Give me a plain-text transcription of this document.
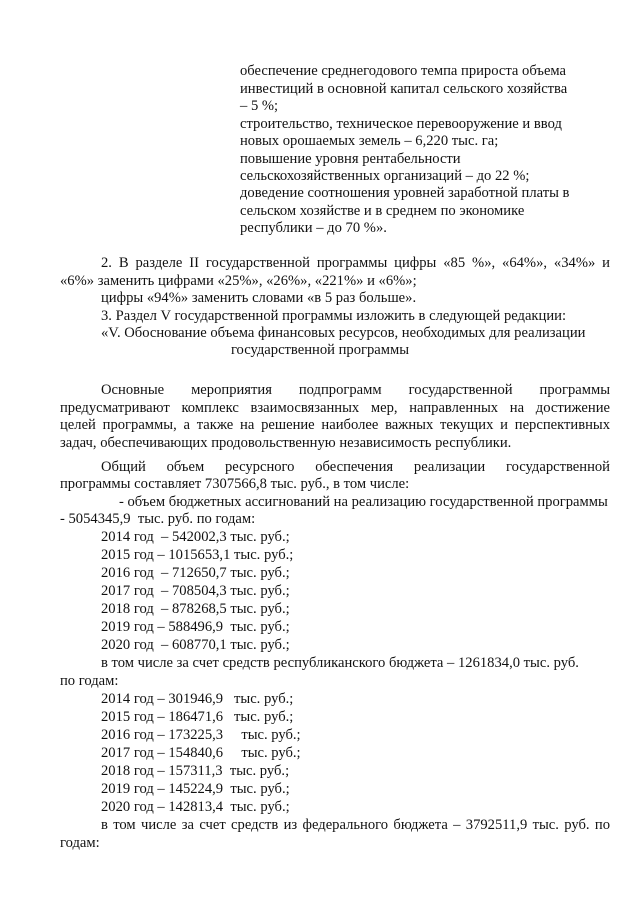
обеспечение среднегодового темпа прироста объема
инвестиций в основной капитал сельского хозяйства
– 5 %;
строительство, техническое перевооружение и ввод
новых орошаемых земель – 6,220 тыс. га;
повышение уровня рентабельности
сельскохозяйственных организаций – до 22 %;
доведение соотношения уровней заработной платы в
сельском хозяйстве и в среднем по экономике
республики – до 70 %».
2. В разделе II государственной программы цифры «85 %», «64%», «34%» и
«6%» заменить цифрами «25%», «26%», «221%» и «6%»;
цифры «94%» заменить словами «в 5 раз больше».
3. Раздел V государственной программы изложить в следующей редакции:
«V. Обоснование объема финансовых ресурсов, необходимых для реализации
государственной программы
Основные мероприятия подпрограмм государственной программы
предусматривают комплекс взаимосвязанных мер, направленных на достижение
целей программы, а также на решение наиболее важных текущих и перспективных
задач, обеспечивающих продовольственную независимость республики.
Общий объем ресурсного обеспечения реализации государственной
программы составляет 7307566,8 тыс. руб., в том числе:
- объем бюджетных ассигнований на реализацию государственной программы
- 5054345,9  тыс. руб. по годам:
2014 год  – 542002,3 тыс. руб.;
2015 год – 1015653,1 тыс. руб.;
2016 год  – 712650,7 тыс. руб.;
2017 год  – 708504,3 тыс. руб.;
2018 год  – 878268,5 тыс. руб.;
2019 год – 588496,9  тыс. руб.;
2020 год  – 608770,1 тыс. руб.;
в том числе за счет средств республиканского бюджета – 1261834,0 тыс. руб.
по годам:
2014 год – 301946,9   тыс. руб.;
2015 год – 186471,6   тыс. руб.;
2016 год – 173225,3     тыс. руб.;
2017 год – 154840,6     тыс. руб.;
2018 год – 157311,3  тыс. руб.;
2019 год – 145224,9  тыс. руб.;
2020 год – 142813,4  тыс. руб.;
в том числе за счет средств из федерального бюджета – 3792511,9 тыс. руб. по
годам:
